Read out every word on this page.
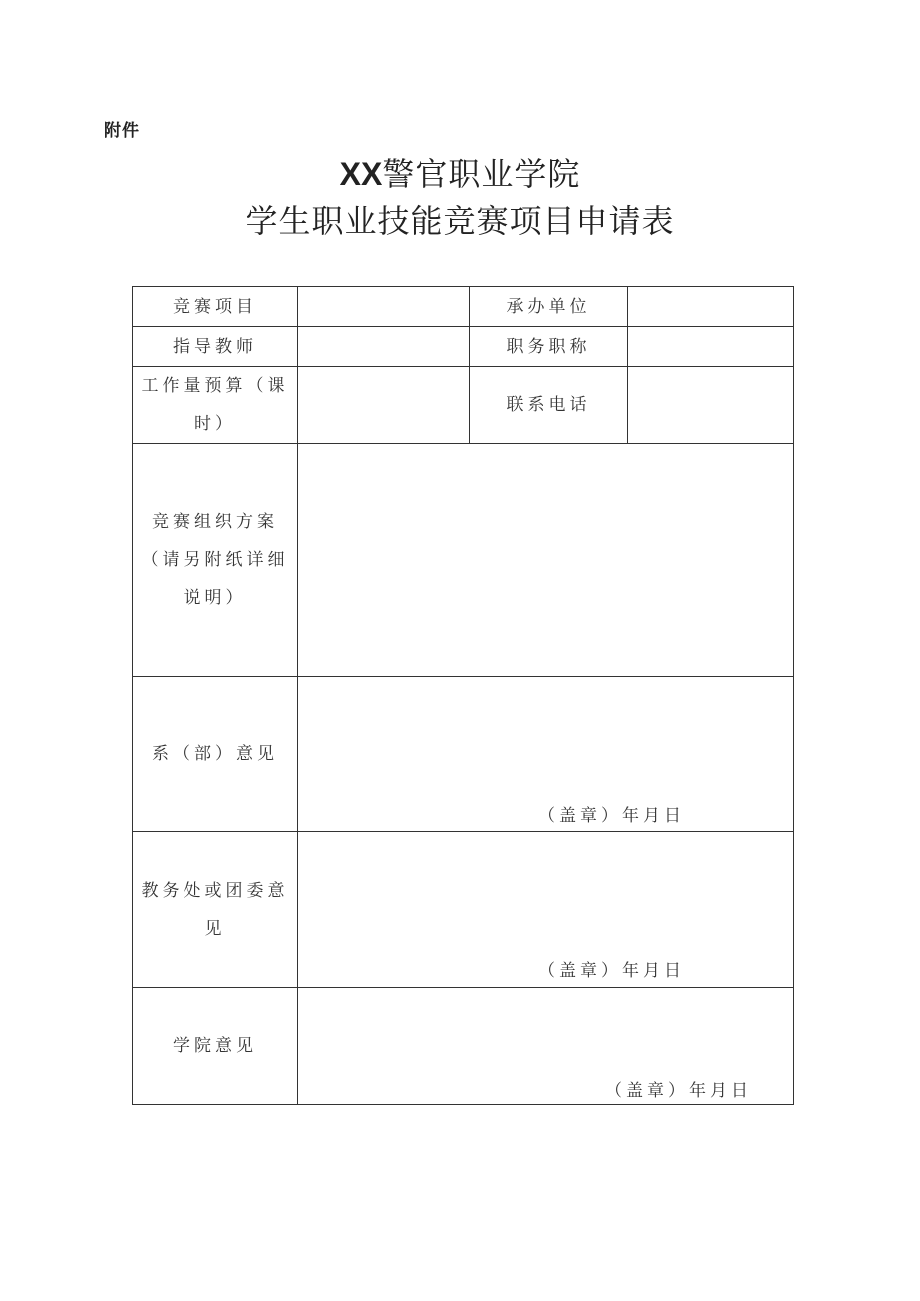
附件
XX警官职业学院
学生职业技能竞赛项目申请表
竞赛项目		承办单位	
指导教师		职务职称	
工作量预算（课时）		联系电话	
竞赛组织方案（请另附纸详细说明）			
系（部）意见	（盖章）年月日		

教务处或团委意见	（盖章）年月日		

学院意见	（盖章）年月日		
